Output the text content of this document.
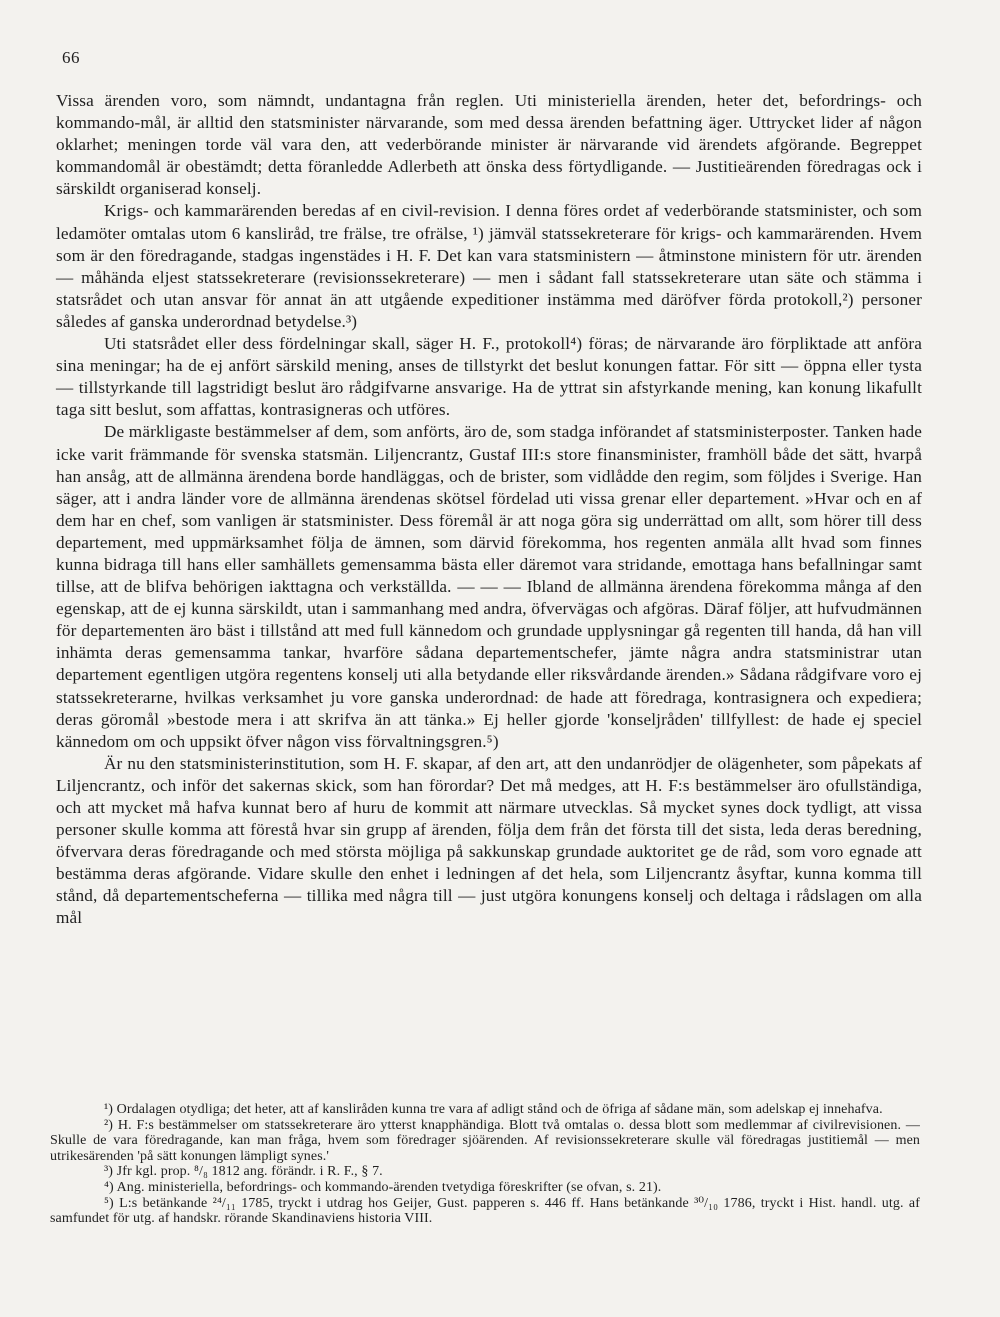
66

Vissa ärenden voro, som nämndt, undantagna från reglen. Uti ministeriella ärenden, heter det, befordrings- och kommando-mål, är alltid den statsminister närvarande, som med dessa ärenden befattning äger. Uttrycket lider af någon oklarhet; meningen torde väl vara den, att vederbörande minister är närvarande vid ärendets afgörande. Begreppet kommandomål är obestämdt; detta föranledde Adlerbeth att önska dess förtydligande. — Justitieärenden föredragas ock i särskildt organiserad konselj.

Krigs- och kammarärenden beredas af en civil-revision. I denna föres ordet af vederbörande statsminister, och som ledamöter omtalas utom 6 kansliråd, tre frälse, tre ofrälse, ¹) jämväl statssekreterare för krigs- och kammarärenden. Hvem som är den föredragande, stadgas ingenstädes i H. F. Det kan vara statsministern — åtminstone ministern för utr. ärenden — måhända eljest statssekreterare (revisionssekreterare) — men i sådant fall statssekreterare utan säte och stämma i statsrådet och utan ansvar för annat än att utgående expeditioner instämma med däröfver förda protokoll,²) personer således af ganska underordnad betydelse.³)

Uti statsrådet eller dess fördelningar skall, säger H. F., protokoll⁴) föras; de närvarande äro förpliktade att anföra sina meningar; ha de ej anfört särskild mening, anses de tillstyrkt det beslut konungen fattar. För sitt — öppna eller tysta — tillstyrkande till lagstridigt beslut äro rådgifvarne ansvarige. Ha de yttrat sin afstyrkande mening, kan konung likafullt taga sitt beslut, som affattas, kontrasigneras och utföres.

De märkligaste bestämmelser af dem, som anförts, äro de, som stadga införandet af statsministerposter. Tanken hade icke varit främmande för svenska statsmän. Liljencrantz, Gustaf III:s store finansminister, framhöll både det sätt, hvarpå han ansåg, att de allmänna ärendena borde handläggas, och de brister, som vidlådde den regim, som följdes i Sverige. Han säger, att i andra länder vore de allmänna ärendenas skötsel fördelad uti vissa grenar eller departement. »Hvar och en af dem har en chef, som vanligen är statsminister. Dess föremål är att noga göra sig underrättad om allt, som hörer till dess departement, med uppmärksamhet följa de ämnen, som därvid förekomma, hos regenten anmäla allt hvad som finnes kunna bidraga till hans eller samhällets gemensamma bästa eller däremot vara stridande, emottaga hans befallningar samt tillse, att de blifva behörigen iakttagna och verkställda. — — — Ibland de allmänna ärendena förekomma många af den egenskap, att de ej kunna särskildt, utan i sammanhang med andra, öfvervägas och afgöras. Däraf följer, att hufvudmännen för departementen äro bäst i tillstånd att med full kännedom och grundade upplysningar gå regenten till handa, då han vill inhämta deras gemensamma tankar, hvarföre sådana departementschefer, jämte några andra statsministrar utan departement egentligen utgöra regentens konselj uti alla betydande eller riksvårdande ärenden.» Sådana rådgifvare voro ej statssekreterarne, hvilkas verksamhet ju vore ganska underordnad: de hade att föredraga, kontrasignera och expediera; deras göromål »bestode mera i att skrifva än att tänka.» Ej heller gjorde 'konseljråden' tillfyllest: de hade ej speciel kännedom om och uppsikt öfver någon viss förvaltningsgren.⁵)

Är nu den statsministerinstitution, som H. F. skapar, af den art, att den undanrödjer de olägenheter, som påpekats af Liljencrantz, och inför det sakernas skick, som han förordar? Det må medges, att H. F:s bestämmelser äro ofullständiga, och att mycket må hafva kunnat bero af huru de kommit att närmare utvecklas. Så mycket synes dock tydligt, att vissa personer skulle komma att förestå hvar sin grupp af ärenden, följa dem från det första till det sista, leda deras beredning, öfvervara deras föredragande och med största möjliga på sakkunskap grundade auktoritet ge de råd, som voro egnade att bestämma deras afgörande. Vidare skulle den enhet i ledningen af det hela, som Liljencrantz åsyftar, kunna komma till stånd, då departementscheferna — tillika med några till — just utgöra konungens konselj och deltaga i rådslagen om alla mål

¹) Ordalagen otydliga; det heter, att af kansliråden kunna tre vara af adligt stånd och de öfriga af sådane män, som adelskap ej innehafva.

²) H. F:s bestämmelser om statssekreterare äro ytterst knapphändiga. Blott två omtalas o. dessa blott som medlemmar af civilrevisionen. — Skulle de vara föredragande, kan man fråga, hvem som föredrager sjöärenden. Af revisionssekreterare skulle väl föredragas justitiemål — men utrikesärenden 'på sätt konungen lämpligt synes.'

³) Jfr kgl. prop. ⁸/₈ 1812 ang. förändr. i R. F., § 7.

⁴) Ang. ministeriella, befordrings- och kommando-ärenden tvetydiga föreskrifter (se ofvan, s. 21).

⁵) L:s betänkande ²⁴/₁₁ 1785, tryckt i utdrag hos Geijer, Gust. papperen s. 446 ff. Hans betänkande ³⁰/₁₀ 1786, tryckt i Hist. handl. utg. af samfundet för utg. af handskr. rörande Skandinaviens historia VIII.
